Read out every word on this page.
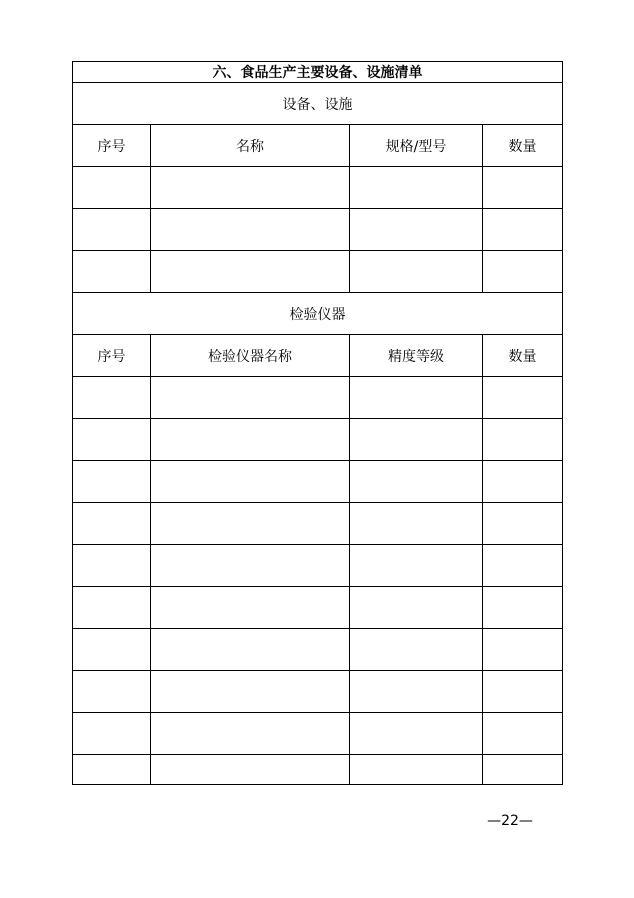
六、食品生产主要设备、设施清单			
设备、设施			
序号	名称	规格/型号	数量

检验仪器			
序号	检验仪器名称	精度等级	数量

—22—
